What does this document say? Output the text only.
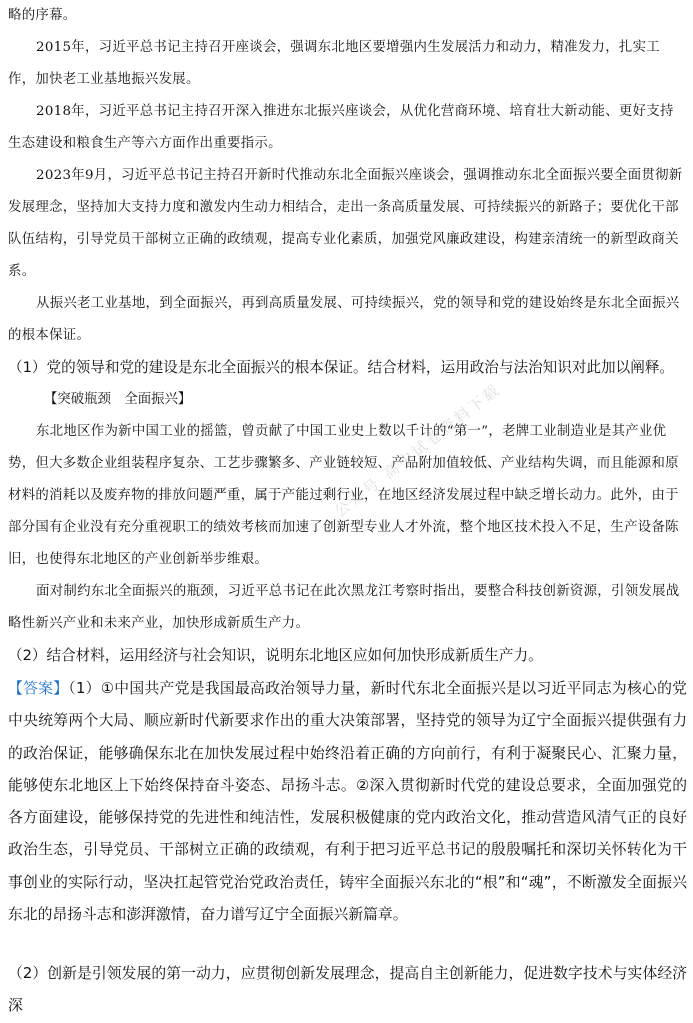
略的序幕。

2015年，习近平总书记主持召开座谈会，强调东北地区要增强内生发展活力和动力，精准发力，扎实工作，加快老工业基地振兴发展。

2018年，习近平总书记主持召开深入推进东北振兴座谈会，从优化营商环境、培育壮大新动能、更好支持生态建设和粮食生产等六方面作出重要指示。

2023年9月，习近平总书记主持召开新时代推动东北全面振兴座谈会，强调推动东北全面振兴要全面贯彻新发展理念，坚持加大支持力度和激发内生动力相结合，走出一条高质量发展、可持续振兴的新路子；要优化干部队伍结构，引导党员干部树立正确的政绩观，提高专业化素质，加强党风廉政建设，构建亲清统一的新型政商关系。

从振兴老工业基地，到全面振兴，再到高质量发展、可持续振兴，党的领导和党的建设始终是东北全面振兴的根本保证。

（1）党的领导和党的建设是东北全面振兴的根本保证。结合材料，运用政治与法治知识对此加以阐释。

【突破瓶颈　全面振兴】

东北地区作为新中国工业的摇篮，曾贡献了中国工业史上数以千计的“第一”，老牌工业制造业是其产业优势，但大多数企业组装程序复杂、工艺步骤繁多、产业链较短、产品附加值较低、产业结构失调，而且能源和原材料的消耗以及废弃物的排放问题严重，属于产能过剩行业，在地区经济发展过程中缺乏增长动力。此外，由于部分国有企业没有充分重视职工的绩效考核而加速了创新型专业人才外流，整个地区技术投入不足，生产设备陈旧，也使得东北地区的产业创新举步维艰。

面对制约东北全面振兴的瓶颈，习近平总书记在此次黑龙江考察时指出，要整合科技创新资源，引领发展战略性新兴产业和未来产业，加快形成新质生产力。

（2）结合材料，运用经济与社会知识，说明东北地区应如何加快形成新质生产力。

【答案】（1）①中国共产党是我国最高政治领导力量，新时代东北全面振兴是以习近平同志为核心的党中央统筹两个大局、顺应新时代新要求作出的重大决策部署，坚持党的领导为辽宁全面振兴提供强有力的政治保证，能够确保东北在加快发展过程中始终沿着正确的方向前行，有利于凝聚民心、汇聚力量，能够使东北地区上下始终保持奋斗姿态、昂扬斗志。②深入贯彻新时代党的建设总要求，全面加强党的各方面建设，能够保持党的先进性和纯洁性，发展积极健康的党内政治文化，推动营造风清气正的良好政治生态，引导党员、干部树立正确的政绩观，有利于把习近平总书记的殷殷嘱托和深切关怀转化为干事创业的实际行动，坚决扛起管党治党政治责任，铸牢全面振兴东北的“根”和“魂”，不断激发全面振兴东北的昂扬斗志和澎湃激情，奋力谱写辽宁全面振兴新篇章。

（2）创新是引领发展的第一动力，应贯彻创新发展理念，提高自主创新能力，促进数字技术与实体经济深

公众号 高中试卷资料下载
